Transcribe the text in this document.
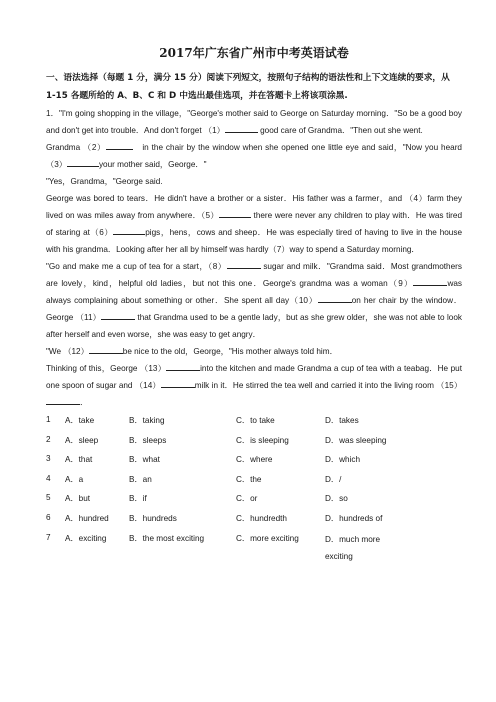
2017年广东省广州市中考英语试卷

一、语法选择（每题 1 分，满分 15 分）阅读下列短文，按照句子结构的语法性和上下文连续的要求，从 1-15 各题所给的 A、B、C 和 D 中选出最佳选项，并在答题卡上将该项涂黑.

1．"I'm going shopping in the village，"George's mother said to George on Saturday morning．"So be a good boy and don't get into trouble．And don't forget （1）	good care of Grandma．"Then out she went.

Grandma （2）	　in the chair by the window when she opened one little eye and said，"Now you heard （3）	your mother said，George．"

"Yes，Grandma，"George said.

George was bored to tears．He didn't have a brother or a sister．His father was a farmer，and （4）farm they lived on was miles away from anywhere．（5）	there were never any children to play with．He was tired of staring at（6）	pigs，hens，cows and sheep．He was especially tired of having to live in the house with his grandma．Looking after her all by himself was hardly（7）way to spend a Saturday morning．

"Go and make me a cup of tea for a start，（8）	sugar and milk．"Grandma said．Most grandmothers are lovely，kind，helpful old ladies，but not this one．George's grandma was a woman（9）	was always complaining about something or other．She spent all day（10）	on her chair by the window．George （11）	that Grandma used to be a gentle lady，but as she grew older，she was not able to look after herself and even worse，she was easy to get angry．

"We （12）	be nice to the old，George，"His mother always told him．

Thinking of this，George （13）	into the kitchen and made Grandma a cup of tea with a teabag．He put one spoon of sugar and （14）	milk in it．He stirred the tea well and carried it into the living room （15）．

1	A．take	B．taking	C．to take	D．takes
2	A．sleep	B．sleeps	C．is sleeping	D．was sleeping
3	A．that	B．what	C．where	D．which
4	A．a	B．an	C．the	D．/
5	A．but	B．if	C．or	D．so
6	A．hundred	B．hundreds	C．hundredth	D．hundreds of
7	A．exciting	B．the most exciting	C．more exciting	D．much more exciting
